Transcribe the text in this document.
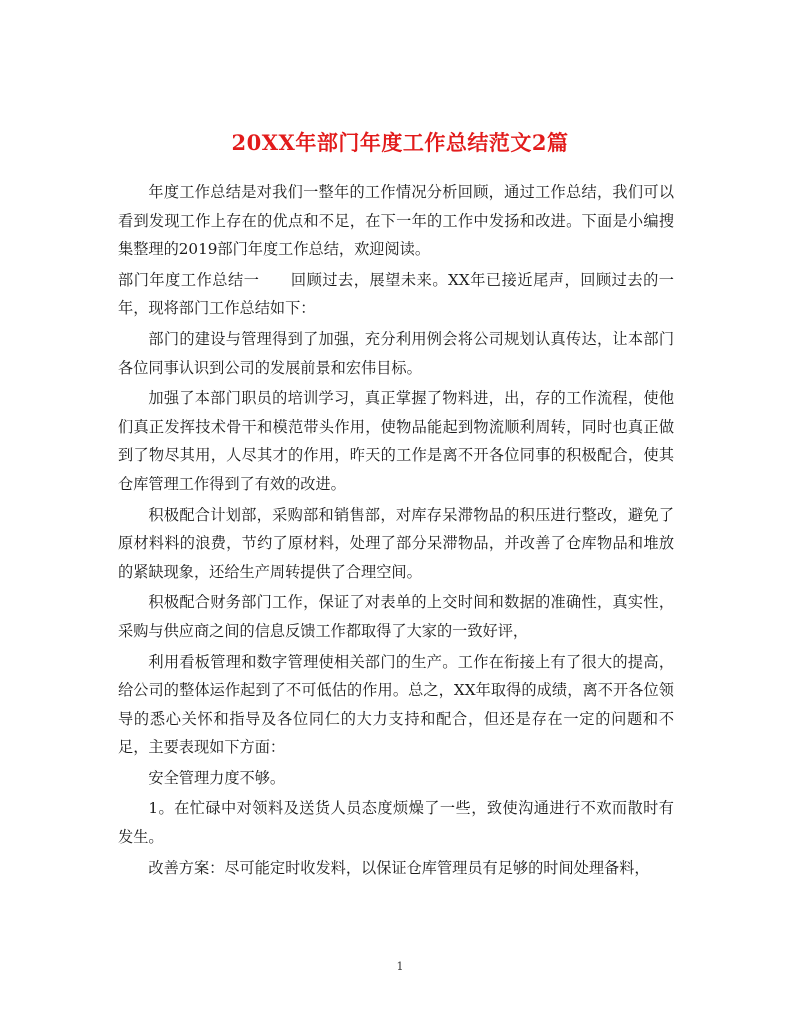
20XX年部门年度工作总结范文2篇

年度工作总结是对我们一整年的工作情况分析回顾，通过工作总结，我们可以看到发现工作上存在的优点和不足，在下一年的工作中发扬和改进。下面是小编搜集整理的2019部门年度工作总结，欢迎阅读。

部门年度工作总结一　　回顾过去，展望未来。XX年已接近尾声，回顾过去的一年，现将部门工作总结如下：

部门的建设与管理得到了加强，充分利用例会将公司规划认真传达，让本部门各位同事认识到公司的发展前景和宏伟目标。

加强了本部门职员的培训学习，真正掌握了物料进，出，存的工作流程，使他们真正发挥技术骨干和模范带头作用，使物品能起到物流顺利周转，同时也真正做到了物尽其用，人尽其才的作用，昨天的工作是离不开各位同事的积极配合，使其仓库管理工作得到了有效的改进。

积极配合计划部，采购部和销售部，对库存呆滞物品的积压进行整改，避免了原材料料的浪费，节约了原材料，处理了部分呆滞物品，并改善了仓库物品和堆放的紧缺现象，还给生产周转提供了合理空间。

积极配合财务部门工作，保证了对表单的上交时间和数据的准确性，真实性，采购与供应商之间的信息反馈工作都取得了大家的一致好评，

利用看板管理和数字管理使相关部门的生产。工作在衔接上有了很大的提高，给公司的整体运作起到了不可低估的作用。总之，XX年取得的成绩，离不开各位领导的悉心关怀和指导及各位同仁的大力支持和配合，但还是存在一定的问题和不足，主要表现如下方面：

安全管理力度不够。

1。在忙碌中对领料及送货人员态度烦燥了一些，致使沟通进行不欢而散时有发生。

改善方案：尽可能定时收发料，以保证仓库管理员有足够的时间处理备料，

1
